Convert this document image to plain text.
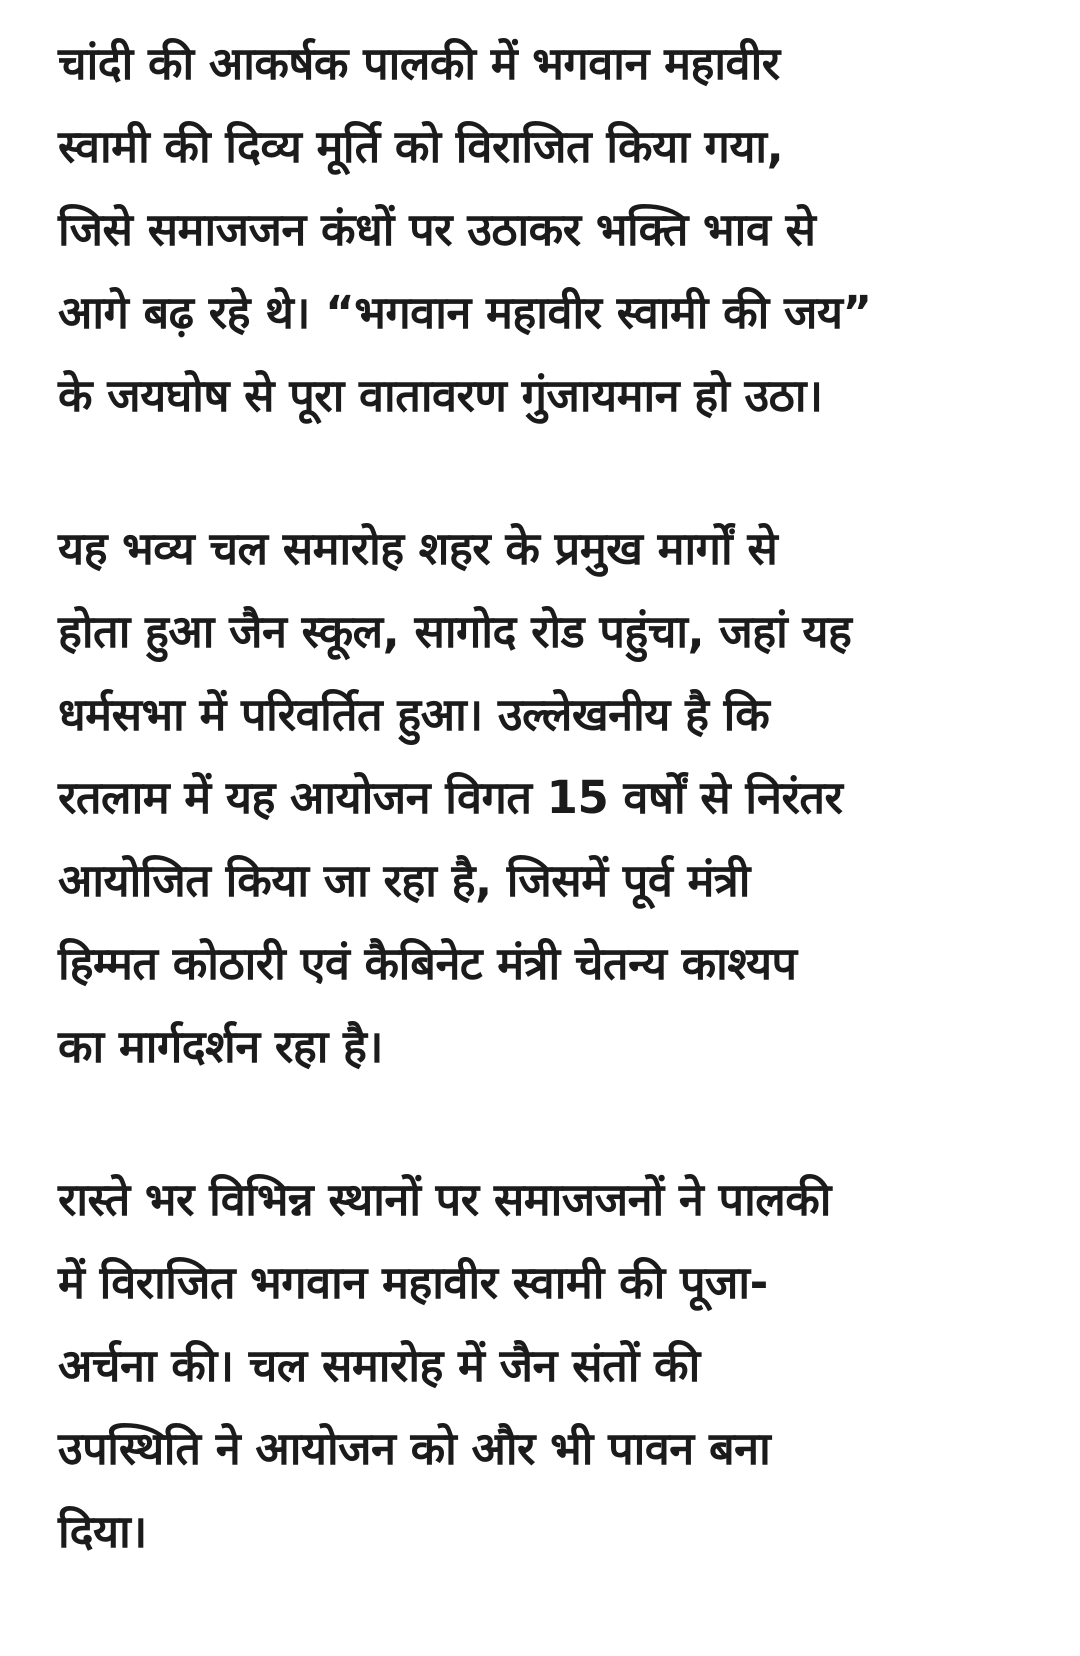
चांदी की आकर्षक पालकी में भगवान महावीर
स्वामी की दिव्य मूर्ति को विराजित किया गया,
जिसे समाजजन कंधों पर उठाकर भक्ति भाव से
आगे बढ़ रहे थे। “भगवान महावीर स्वामी की जय”
के जयघोष से पूरा वातावरण गुंजायमान हो उठा।

यह भव्य चल समारोह शहर के प्रमुख मार्गों से
होता हुआ जैन स्कूल, सागोद रोड पहुंचा, जहां यह
धर्मसभा में परिवर्तित हुआ। उल्लेखनीय है कि
रतलाम में यह आयोजन विगत 15 वर्षों से निरंतर
आयोजित किया जा रहा है, जिसमें पूर्व मंत्री
हिम्मत कोठारी एवं कैबिनेट मंत्री चेतन्य काश्यप
का मार्गदर्शन रहा है।

रास्ते भर विभिन्न स्थानों पर समाजजनों ने पालकी
में विराजित भगवान महावीर स्वामी की पूजा-
अर्चना की। चल समारोह में जैन संतों की
उपस्थिति ने आयोजन को और भी पावन बना
दिया।
